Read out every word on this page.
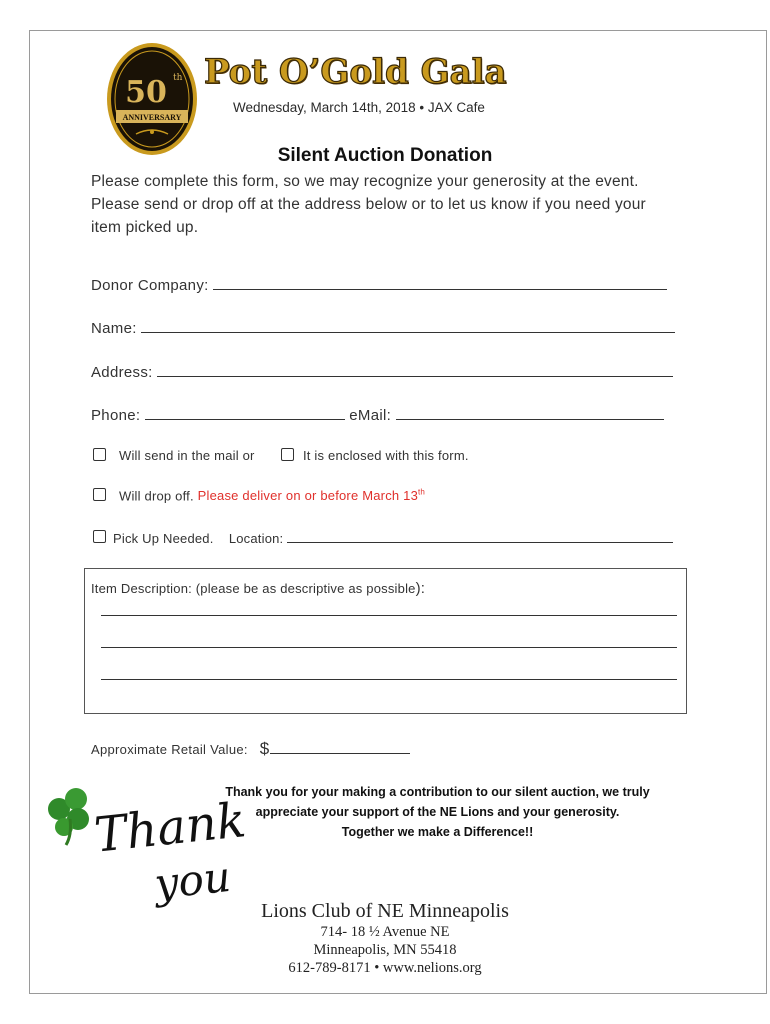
50 th
ANNIVERSARY
Pot O’Gold Gala
Wednesday, March 14th, 2018 • JAX Cafe
Silent Auction Donation
Please complete this form, so we may recognize your generosity at the event. Please send or drop off at the address below or to let us know if you need your item picked up.
Donor Company:
Name:
Address:
Phone:	eMail:
Will send in the mail or	It is enclosed with this form.
Will drop off. Please deliver on or before March 13th
Pick Up Needed. Location:
Item Description: (please be as descriptive as possible):
Approximate Retail Value: $
Thank you for your making a contribution to our silent auction, we truly
appreciate your support of the NE Lions and your generosity.
Together we make a Difference!!
Thank
you
Lions Club of NE Minneapolis
714- 18 ½ Avenue NE
Minneapolis, MN 55418
612-789-8171 • www.nelions.org
